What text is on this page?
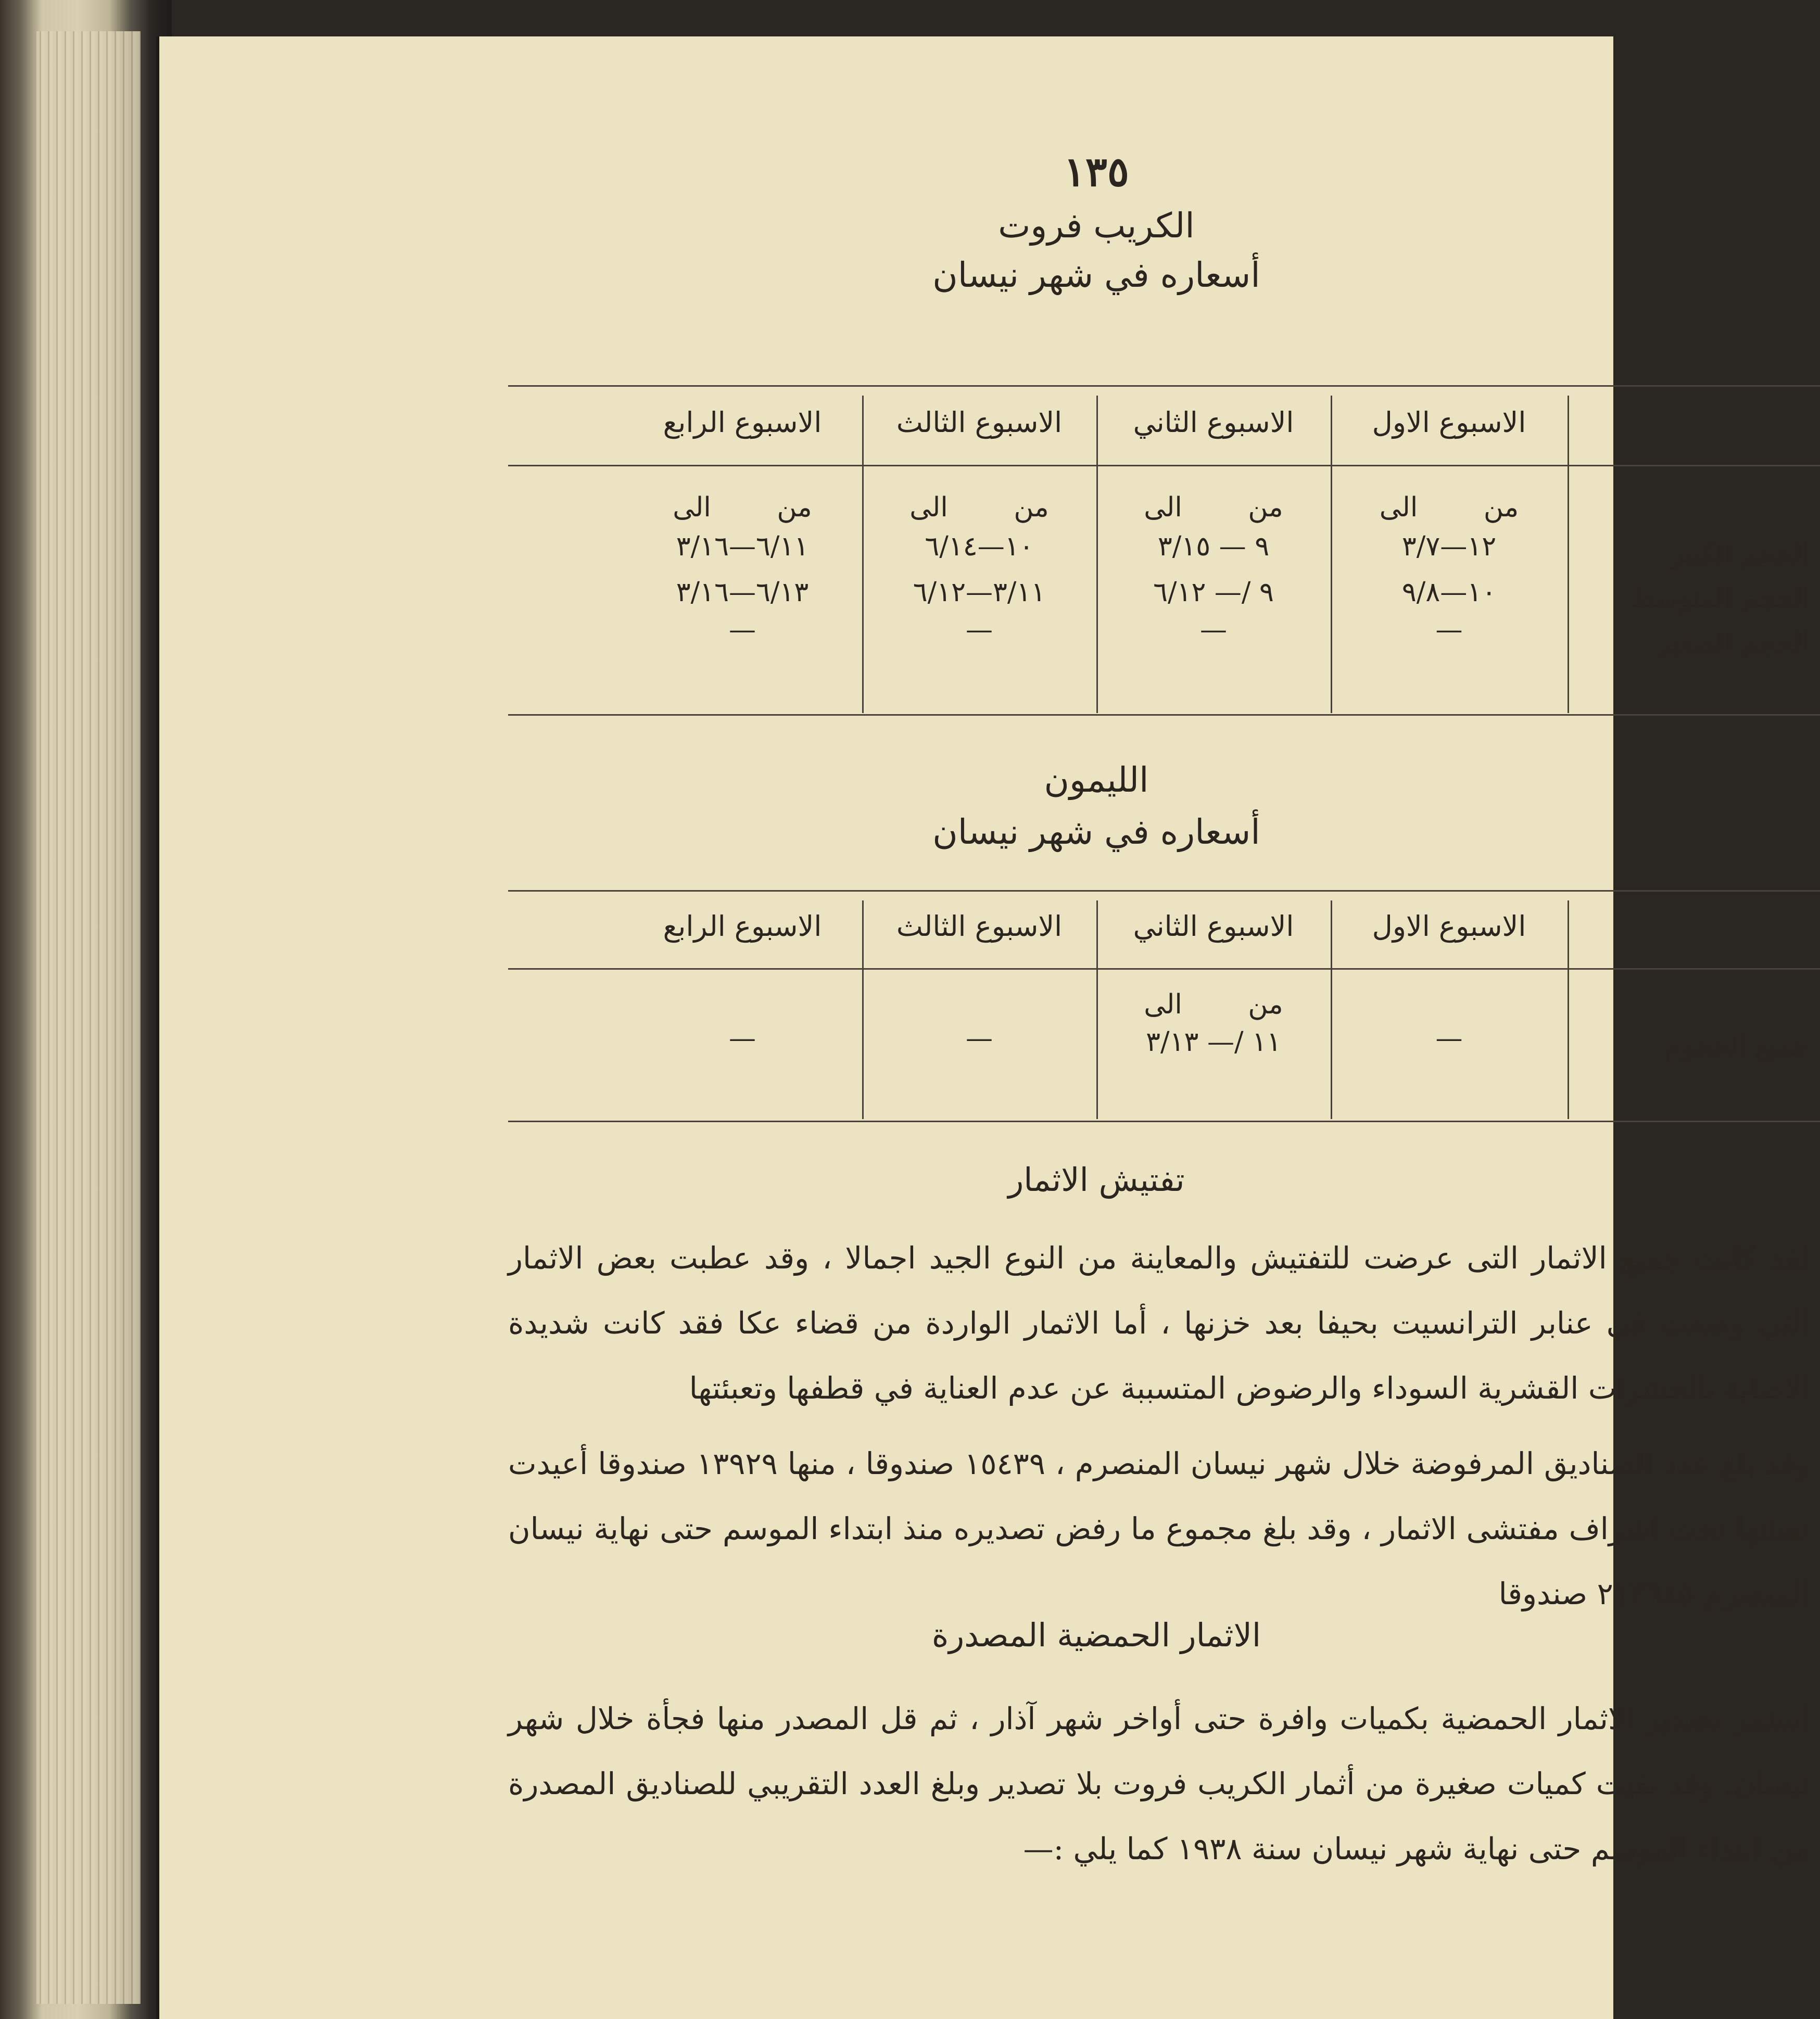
١٣٥
الكريب فروت
أسعاره في شهر نيسان
الاسبوع الاول
الاسبوع الثاني
الاسبوع الثالث
الاسبوع الرابع
من الى
من الى
من الى
من الى
الحجم الكبير
الحجم المتوسط
الحجم الصغير
١٢—٣/٧
٩ — ٣/١٥
١٠—٦/١٤
٦/١١—٣/١٦
١٠—٩/٨
٩ /— ٦/١٢
٣/١١—٦/١٢
٦/١٣—٣/١٦
—
—
—
—
الليمون
أسعاره في شهر نيسان
الاسبوع الاول
الاسبوع الثاني
الاسبوع الثالث
الاسبوع الرابع
من الى
جميع الحجوم
—
١١ /— ٣/١٣
—
—
تفتيش الاثمار
لقد كانت جميع الاثمار التى عرضت للتفتيش والمعاينة من النوع الجيد اجمالا ، وقد عطبت بعض الاثمار التى وضعت في عنابر الترانسيت بحيفا بعد خزنها ، أما الاثمار الواردة من قضاء عكا فقد كانت شديدة الاصابة بالحشرات القشرية السوداء والرضوض المتسببة عن عدم العناية في قطفها وتعبئتها
وقد بلغ عدد الصناديق المرفوضة خلال شهر نيسان المنصرم ، ١٥٤٣٩ صندوقا ، منها ١٣٩٢٩ صندوقا أعيدت تعبئتها تحت اشراف مفتشى الاثمار ، وقد بلغ مجموع ما رفض تصديره منذ ابتداء الموسم حتى نهاية نيسان المنصرم ٢١٣٦٨٥ صندوقا
الاثمار الحمضية المصدرة
استمر تصدير الاثمار الحمضية بكميات وافرة حتى أواخر شهر آذار ، ثم قل المصدر منها فجأة خلال شهر نيسان. وقد بقيت كميات صغيرة من أثمار الكريب فروت بلا تصدير وبلغ العدد التقريبي للصناديق المصدرة من ابتداء الموسم حتى نهاية شهر نيسان سنة ١٩٣٨ كما يلي :—
